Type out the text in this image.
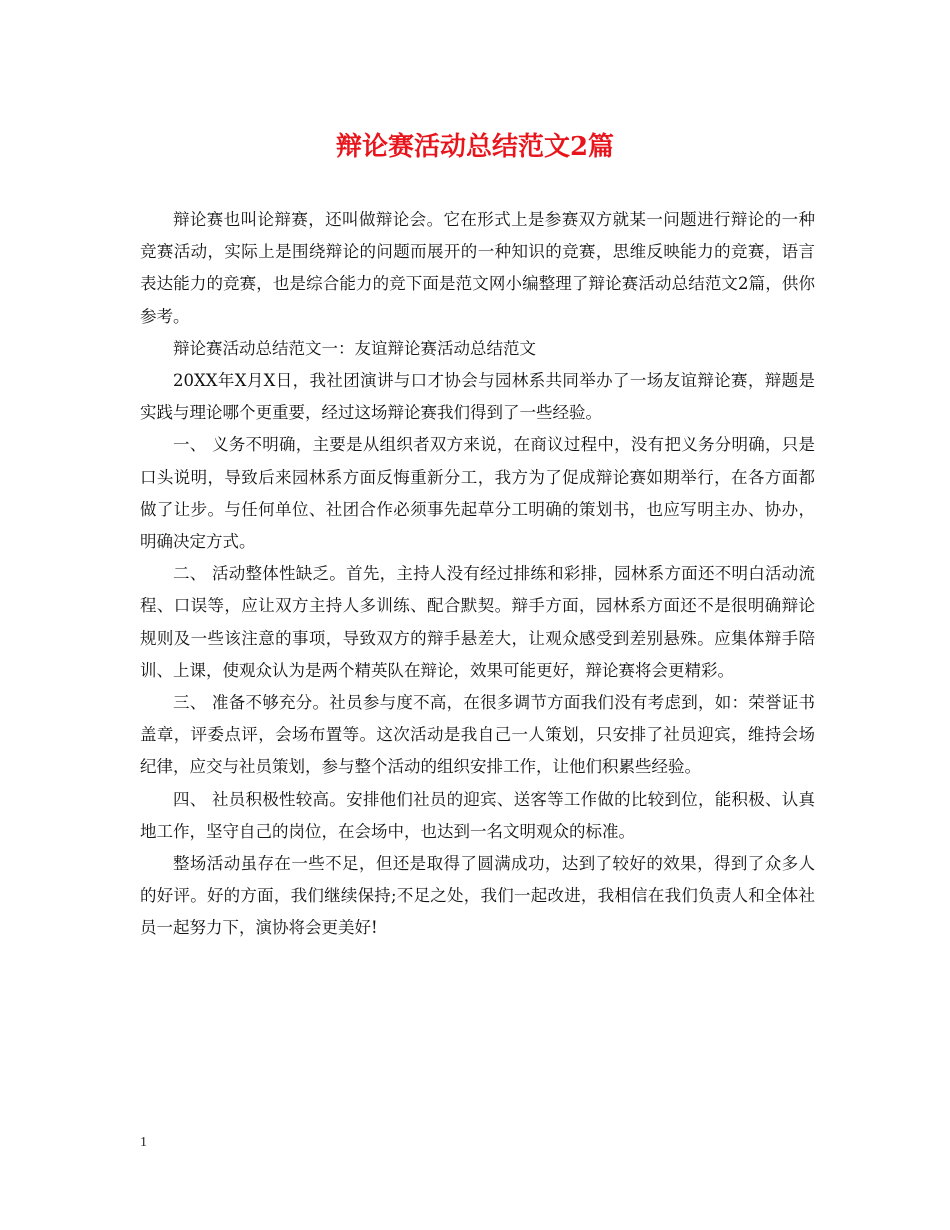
辩论赛活动总结范文2篇

辩论赛也叫论辩赛，还叫做辩论会。它在形式上是参赛双方就某一问题进行辩论的一种竞赛活动，实际上是围绕辩论的问题而展开的一种知识的竞赛，思维反映能力的竞赛，语言表达能力的竞赛，也是综合能力的竞下面是范文网小编整理了辩论赛活动总结范文2篇，供你参考。

辩论赛活动总结范文一：友谊辩论赛活动总结范文

20XX年X月X日，我社团演讲与口才协会与园林系共同举办了一场友谊辩论赛，辩题是实践与理论哪个更重要，经过这场辩论赛我们得到了一些经验。

一、 义务不明确，主要是从组织者双方来说，在商议过程中，没有把义务分明确，只是口头说明，导致后来园林系方面反悔重新分工，我方为了促成辩论赛如期举行，在各方面都做了让步。与任何单位、社团合作必须事先起草分工明确的策划书，也应写明主办、协办，明确决定方式。

二、 活动整体性缺乏。首先，主持人没有经过排练和彩排，园林系方面还不明白活动流程、口误等，应让双方主持人多训练、配合默契。辩手方面，园林系方面还不是很明确辩论规则及一些该注意的事项，导致双方的辩手悬差大，让观众感受到差别悬殊。应集体辩手陪训、上课，使观众认为是两个精英队在辩论，效果可能更好，辩论赛将会更精彩。

三、 准备不够充分。社员参与度不高，在很多调节方面我们没有考虑到，如：荣誉证书盖章，评委点评，会场布置等。这次活动是我自己一人策划，只安排了社员迎宾，维持会场纪律，应交与社员策划，参与整个活动的组织安排工作，让他们积累些经验。

四、 社员积极性较高。安排他们社员的迎宾、送客等工作做的比较到位，能积极、认真地工作，坚守自己的岗位，在会场中，也达到一名文明观众的标准。

整场活动虽存在一些不足，但还是取得了圆满成功，达到了较好的效果，得到了众多人的好评。好的方面，我们继续保持;不足之处，我们一起改进，我相信在我们负责人和全体社员一起努力下，演协将会更美好!

1
